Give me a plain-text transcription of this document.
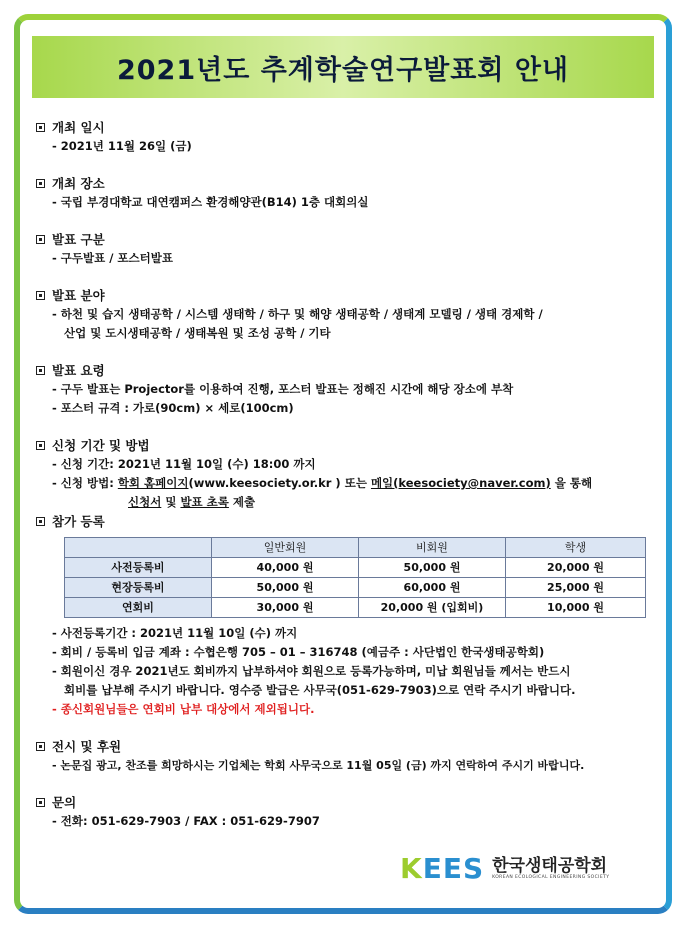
2021년도 추계학술연구발표회 안내
개최 일시
- 2021년 11월 26일 (금)
개최 장소
- 국립 부경대학교 대연캠퍼스 환경해양관(B14) 1층 대회의실
발표 구분
- 구두발표 / 포스터발표
발표 분야
- 하천 및 습지 생태공학 / 시스템 생태학 / 하구 및 해양 생태공학 / 생태계 모델링 / 생태 경제학 /
산업 및 도시생태공학 / 생태복원 및 조성 공학 / 기타
발표 요령
- 구두 발표는 Projector를 이용하여 진행, 포스터 발표는 정해진 시간에 해당 장소에 부착
- 포스터 규격 : 가로(90cm) × 세로(100cm)
신청 기간 및 방법
- 신청 기간: 2021년 11월 10일 (수) 18:00 까지
- 신청 방법: 학회 홈페이지(www.keesociety.or.kr ) 또는 메일(keesociety@naver.com) 을 통해
신청서 및 발표 초록 제출
참가 등록
	일반회원	비회원	학생
사전등록비	40,000 원	50,000 원	20,000 원
현장등록비	50,000 원	60,000 원	25,000 원
연회비	30,000 원	20,000 원 (입회비)	10,000 원
- 사전등록기간 : 2021년 11월 10일 (수) 까지
- 회비 / 등록비 입금 계좌 : 수협은행 705 – 01 – 316748 (예금주 : 사단법인 한국생태공학회)
- 회원이신 경우 2021년도 회비까지 납부하셔야 회원으로 등록가능하며, 미납 회원님들 께서는 반드시
회비를 납부해 주시기 바랍니다. 영수증 발급은 사무국(051-629-7903)으로 연락 주시기 바랍니다.
- 종신회원님들은 연회비 납부 대상에서 제외됩니다.
전시 및 후원
- 논문집 광고, 찬조를 희망하시는 기업체는 학회 사무국으로 11월 05일 (금) 까지 연락하여 주시기 바랍니다.
문의
- 전화: 051-629-7903 / FAX : 051-629-7907
KEES 한국생태공학회
KOREAN ECOLOGICAL ENGINEERING SOCIETY
